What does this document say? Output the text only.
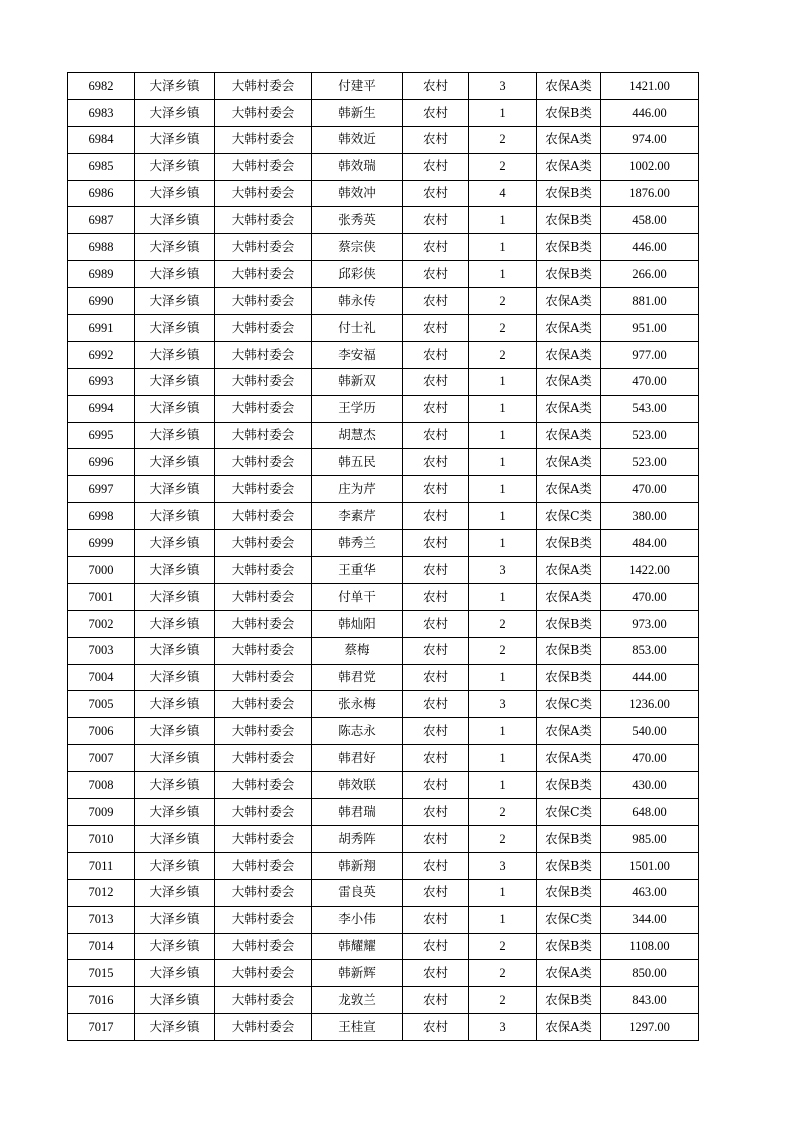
6982	大泽乡镇	大韩村委会	付建平	农村	3	农保A类	1421.00
6983	大泽乡镇	大韩村委会	韩新生	农村	1	农保B类	446.00
6984	大泽乡镇	大韩村委会	韩效近	农村	2	农保A类	974.00
6985	大泽乡镇	大韩村委会	韩效瑞	农村	2	农保A类	1002.00
6986	大泽乡镇	大韩村委会	韩效冲	农村	4	农保B类	1876.00
6987	大泽乡镇	大韩村委会	张秀英	农村	1	农保B类	458.00
6988	大泽乡镇	大韩村委会	蔡宗侠	农村	1	农保B类	446.00
6989	大泽乡镇	大韩村委会	邱彩侠	农村	1	农保B类	266.00
6990	大泽乡镇	大韩村委会	韩永传	农村	2	农保A类	881.00
6991	大泽乡镇	大韩村委会	付士礼	农村	2	农保A类	951.00
6992	大泽乡镇	大韩村委会	李安福	农村	2	农保A类	977.00
6993	大泽乡镇	大韩村委会	韩新双	农村	1	农保A类	470.00
6994	大泽乡镇	大韩村委会	王学历	农村	1	农保A类	543.00
6995	大泽乡镇	大韩村委会	胡慧杰	农村	1	农保A类	523.00
6996	大泽乡镇	大韩村委会	韩五民	农村	1	农保A类	523.00
6997	大泽乡镇	大韩村委会	庄为芹	农村	1	农保A类	470.00
6998	大泽乡镇	大韩村委会	李素芹	农村	1	农保C类	380.00
6999	大泽乡镇	大韩村委会	韩秀兰	农村	1	农保B类	484.00
7000	大泽乡镇	大韩村委会	王重华	农村	3	农保A类	1422.00
7001	大泽乡镇	大韩村委会	付单干	农村	1	农保A类	470.00
7002	大泽乡镇	大韩村委会	韩灿阳	农村	2	农保B类	973.00
7003	大泽乡镇	大韩村委会	蔡梅	农村	2	农保B类	853.00
7004	大泽乡镇	大韩村委会	韩君党	农村	1	农保B类	444.00
7005	大泽乡镇	大韩村委会	张永梅	农村	3	农保C类	1236.00
7006	大泽乡镇	大韩村委会	陈志永	农村	1	农保A类	540.00
7007	大泽乡镇	大韩村委会	韩君好	农村	1	农保A类	470.00
7008	大泽乡镇	大韩村委会	韩效联	农村	1	农保B类	430.00
7009	大泽乡镇	大韩村委会	韩君瑞	农村	2	农保C类	648.00
7010	大泽乡镇	大韩村委会	胡秀阵	农村	2	农保B类	985.00
7011	大泽乡镇	大韩村委会	韩新翔	农村	3	农保B类	1501.00
7012	大泽乡镇	大韩村委会	雷良英	农村	1	农保B类	463.00
7013	大泽乡镇	大韩村委会	李小伟	农村	1	农保C类	344.00
7014	大泽乡镇	大韩村委会	韩耀耀	农村	2	农保B类	1108.00
7015	大泽乡镇	大韩村委会	韩新辉	农村	2	农保A类	850.00
7016	大泽乡镇	大韩村委会	龙敦兰	农村	2	农保B类	843.00
7017	大泽乡镇	大韩村委会	王桂宣	农村	3	农保A类	1297.00
